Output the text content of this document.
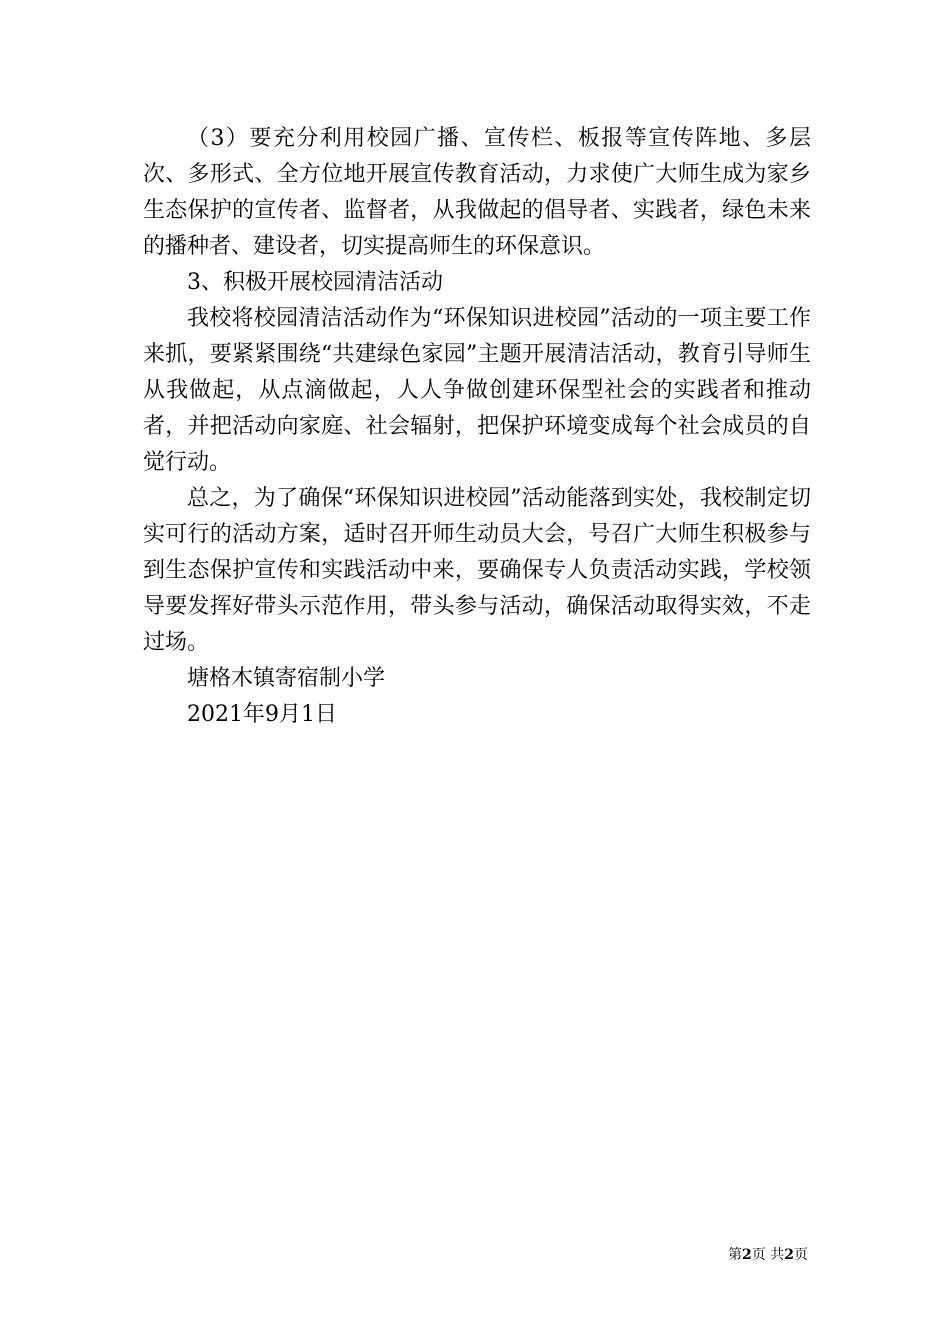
（3）要充分利用校园广播、宣传栏、板报等宣传阵地、多层次、多形式、全方位地开展宣传教育活动，力求使广大师生成为家乡生态保护的宣传者、监督者，从我做起的倡导者、实践者，绿色未来的播种者、建设者，切实提高师生的环保意识。

3、积极开展校园清洁活动

我校将校园清洁活动作为“环保知识进校园”活动的一项主要工作来抓，要紧紧围绕“共建绿色家园”主题开展清洁活动，教育引导师生从我做起，从点滴做起，人人争做创建环保型社会的实践者和推动者，并把活动向家庭、社会辐射，把保护环境变成每个社会成员的自觉行动。

总之，为了确保“环保知识进校园”活动能落到实处，我校制定切实可行的活动方案，适时召开师生动员大会，号召广大师生积极参与到生态保护宣传和实践活动中来，要确保专人负责活动实践，学校领导要发挥好带头示范作用，带头参与活动，确保活动取得实效，不走过场。

塘格木镇寄宿制小学

2021年9月1日

第2页 共2页
